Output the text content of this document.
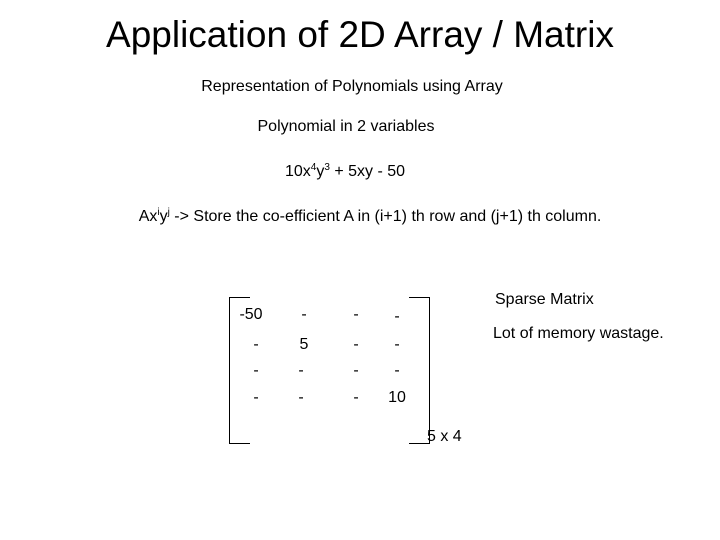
Application of 2D Array / Matrix
Representation of Polynomials using Array
Polynomial in 2 variables
$10x^4y^3 + 5xy - 50$
$Ax^iy^j$ -> Store the co-efficient A in (i+1) th row and (j+1) th column.
-50	-	-	-
-	5	-	-
-	-	-	-
-	-	-	10
5 x 4
Sparse Matrix
Lot of memory wastage.
